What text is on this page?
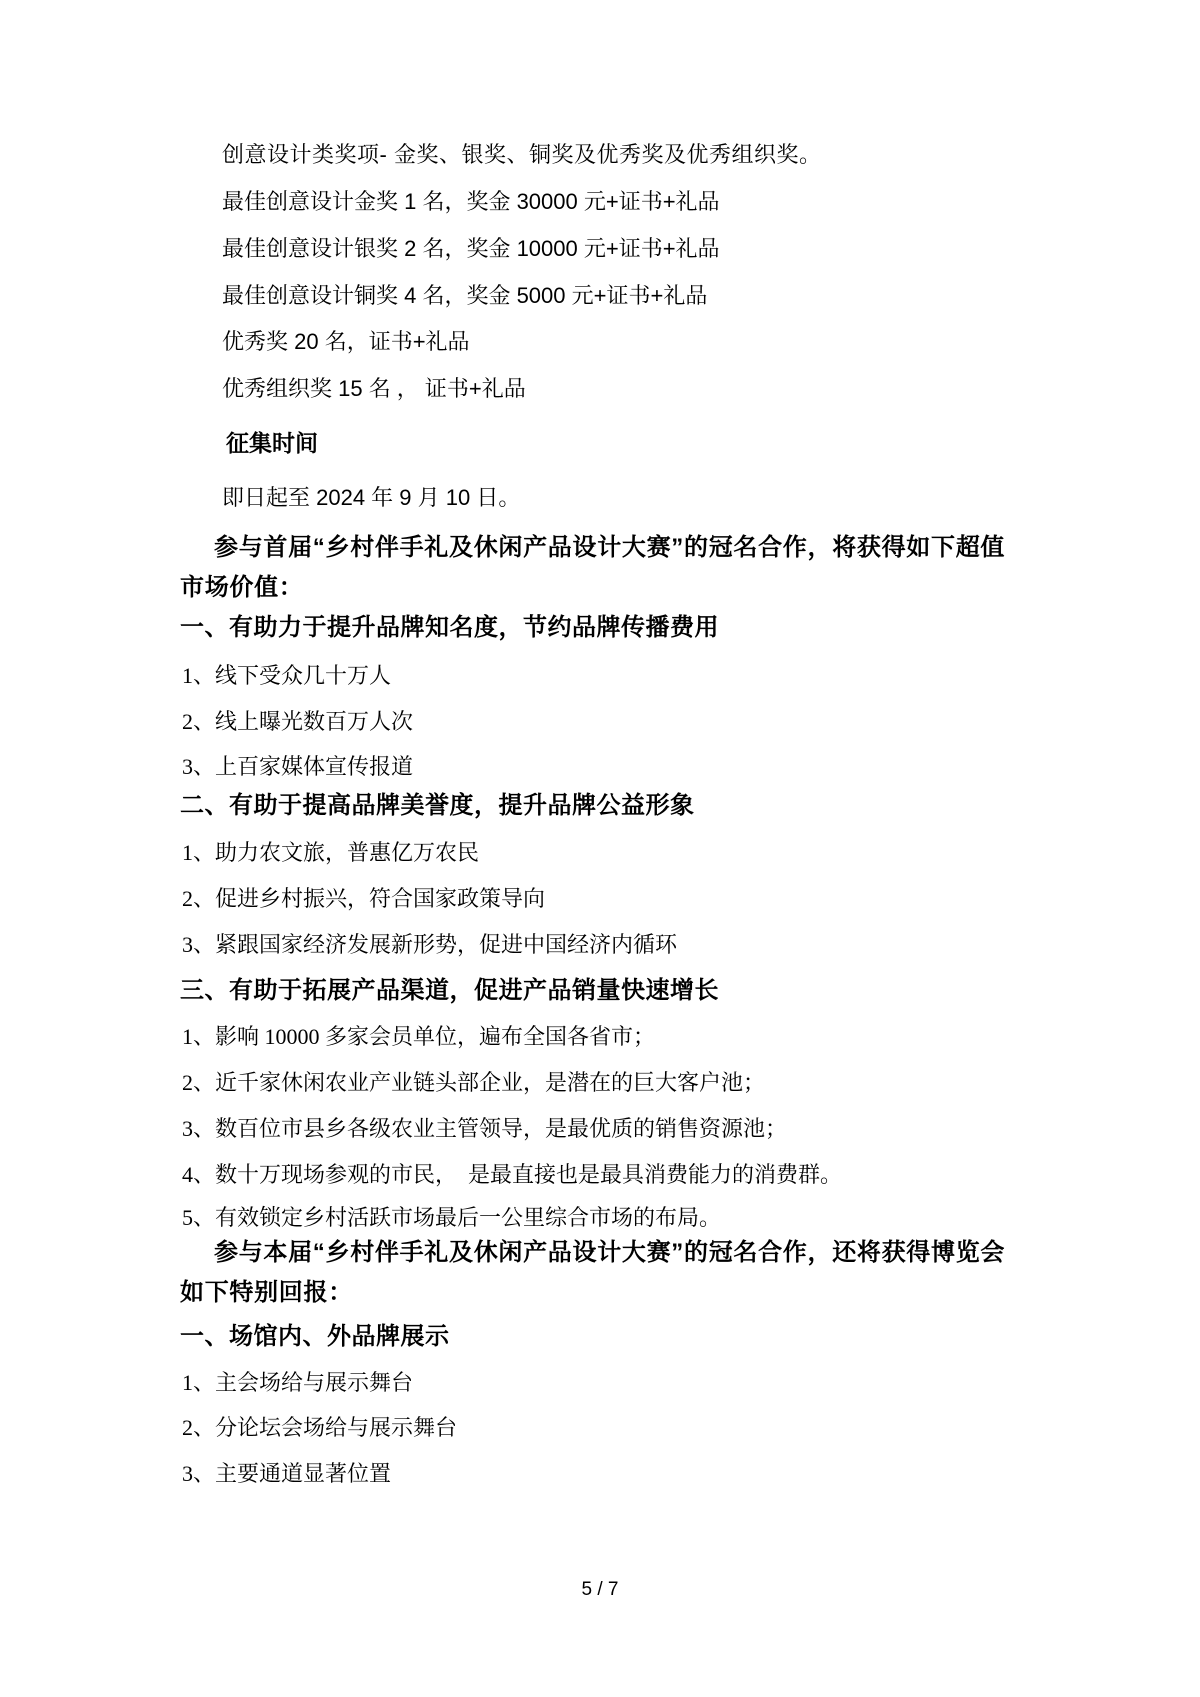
创意设计类奖项- 金奖、银奖、铜奖及优秀奖及优秀组织奖。
最佳创意设计金奖 1 名，奖金 30000 元+证书+礼品
最佳创意设计银奖 2 名，奖金 10000 元+证书+礼品
最佳创意设计铜奖 4 名，奖金 5000 元+证书+礼品
优秀奖 20 名，证书+礼品
优秀组织奖 15 名 ， 证书+礼品
征集时间
即日起至 2024 年 9 月 10 日。
参与首届“乡村伴手礼及休闲产品设计大赛”的冠名合作，将获得如下超值
市场价值：
一、有助力于提升品牌知名度，节约品牌传播费用
1、线下受众几十万人
2、线上曝光数百万人次
3、上百家媒体宣传报道
二、有助于提高品牌美誉度，提升品牌公益形象
1、助力农文旅，普惠亿万农民
2、促进乡村振兴，符合国家政策导向
3、紧跟国家经济发展新形势，促进中国经济内循环
三、有助于拓展产品渠道，促进产品销量快速增长
1、影响 10000 多家会员单位，遍布全国各省市；
2、近千家休闲农业产业链头部企业，是潜在的巨大客户池；
3、数百位市县乡各级农业主管领导，是最优质的销售资源池；
4、数十万现场参观的市民，  是最直接也是最具消费能力的消费群。
5、有效锁定乡村活跃市场最后一公里综合市场的布局。
参与本届“乡村伴手礼及休闲产品设计大赛”的冠名合作，还将获得博览会
如下特别回报：
一、场馆内、外品牌展示
1、主会场给与展示舞台
2、分论坛会场给与展示舞台
3、主要通道显著位置
5 / 7
